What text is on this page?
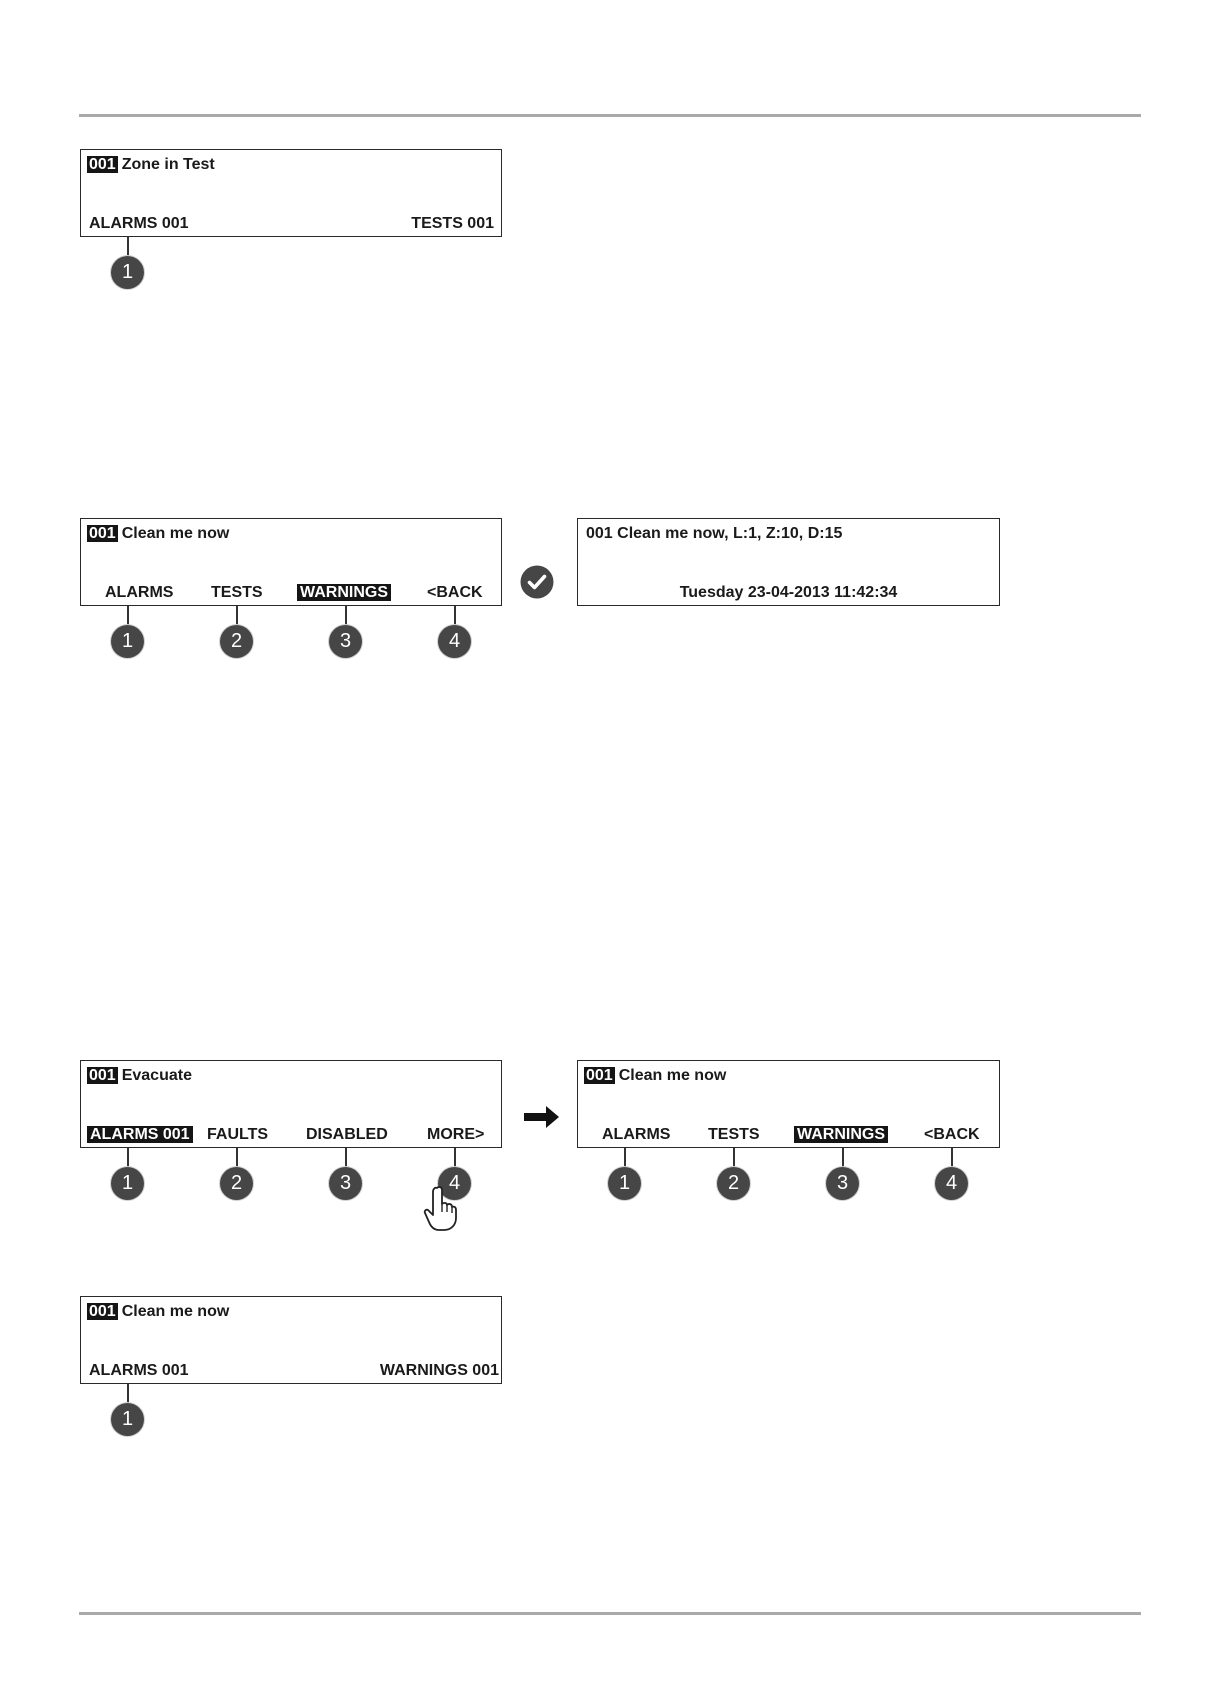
001 Zone in Test
ALARMS 001	TESTS 001
1
001 Clean me now
ALARMS TESTS WARNINGS <BACK
1	2	3	4
001 Clean me now, L:1, Z:10, D:15
Tuesday 23-04-2013 11:42:34
001 Evacuate
ALARMS 001 FAULTS DISABLED MORE>
1	2	3	4
001 Clean me now
ALARMS TESTS WARNINGS <BACK
1	2	3	4
001 Clean me now
ALARMS 001	WARNINGS 001
1
